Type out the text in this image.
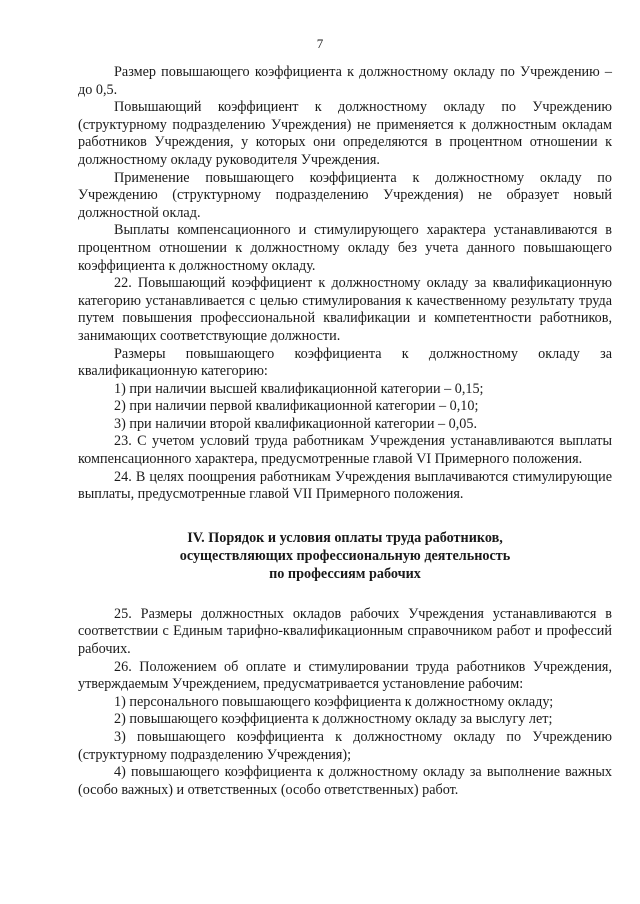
7

Размер повышающего коэффициента к должностному окладу по Учреждению – до 0,5.

Повышающий коэффициент к должностному окладу по Учреждению (структурному подразделению Учреждения) не применяется к должностным окладам работников Учреждения, у которых они определяются в процентном отношении к должностному окладу руководителя Учреждения.

Применение повышающего коэффициента к должностному окладу по Учреждению (структурному подразделению Учреждения) не образует новый должностной оклад.

Выплаты компенсационного и стимулирующего характера устанавливаются в процентном отношении к должностному окладу без учета данного повышающего коэффициента к должностному окладу.

22. Повышающий коэффициент к должностному окладу за квалификационную категорию устанавливается с целью стимулирования к качественному результату труда путем повышения профессиональной квалификации и компетентности работников, занимающих соответствующие должности.

Размеры повышающего коэффициента к должностному окладу за квалификационную категорию:

1) при наличии высшей квалификационной категории – 0,15;

2) при наличии первой квалификационной категории – 0,10;

3) при наличии второй квалификационной категории – 0,05.

23. С учетом условий труда работникам Учреждения устанавливаются выплаты компенсационного характера, предусмотренные главой VI Примерного положения.

24. В целях поощрения работникам Учреждения выплачиваются стимулирующие выплаты, предусмотренные главой VII Примерного положения.

IV. Порядок и условия оплаты труда работников,
осуществляющих профессиональную деятельность
по профессиям рабочих

25. Размеры должностных окладов рабочих Учреждения устанавливаются в соответствии с Единым тарифно-квалификационным справочником работ и профессий рабочих.

26. Положением об оплате и стимулировании труда работников Учреждения, утверждаемым Учреждением, предусматривается установление рабочим:

1) персонального повышающего коэффициента к должностному окладу;

2) повышающего коэффициента к должностному окладу за выслугу лет;

3) повышающего коэффициента к должностному окладу по Учреждению (структурному подразделению Учреждения);

4) повышающего коэффициента к должностному окладу за выполнение важных (особо важных) и ответственных (особо ответственных) работ.
